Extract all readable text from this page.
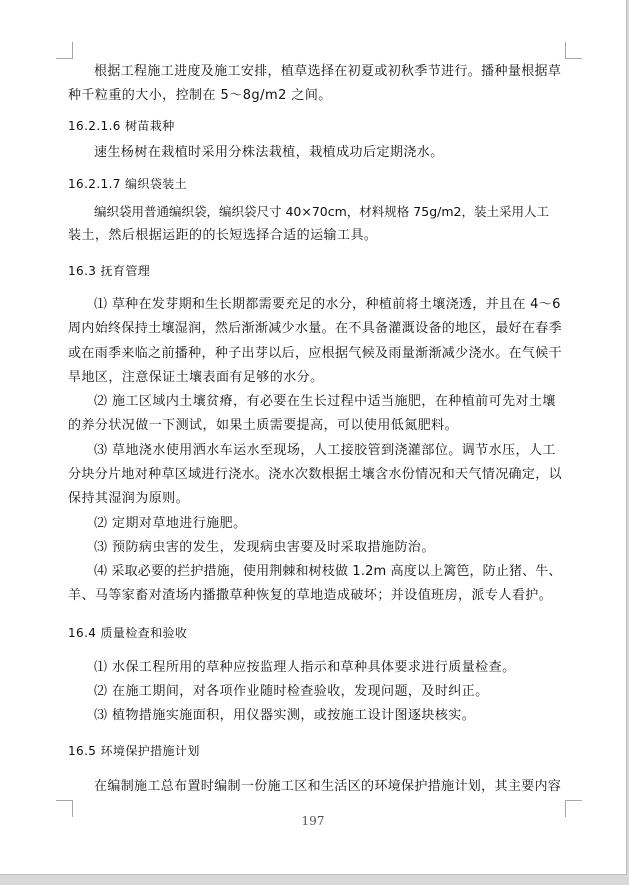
根据工程施工进度及施工安排，植草选择在初夏或初秋季节进行。播种量根据草

种千粒重的大小，控制在 5～8g/m2 之间。

16.2.1.6 树苗栽种

速生杨树在栽植时采用分株法栽植，栽植成功后定期浇水。

16.2.1.7 编织袋装土

编织袋用普通编织袋，编织袋尺寸 40×70cm，材料规格 75g/m2，装土采用人工

装土，然后根据运距的的长短选择合适的运输工具。

16.3 抚育管理

⑴ 草种在发芽期和生长期都需要充足的水分，种植前将土壤浇透，并且在 4～6

周内始终保持土壤湿润，然后渐渐减少水量。在不具备灌溉设备的地区，最好在春季

或在雨季来临之前播种，种子出芽以后，应根据气候及雨量渐渐减少浇水。在气候干

旱地区，注意保证土壤表面有足够的水分。

⑵ 施工区域内土壤贫瘠，有必要在生长过程中适当施肥，在种植前可先对土壤

的养分状况做一下测试，如果土质需要提高，可以使用低氮肥料。

⑶ 草地浇水使用洒水车运水至现场，人工接胶管到浇灌部位。调节水压，人工

分块分片地对种草区域进行浇水。浇水次数根据土壤含水份情况和天气情况确定，以

保持其湿润为原则。

⑵ 定期对草地进行施肥。

⑶ 预防病虫害的发生，发现病虫害要及时采取措施防治。

⑷ 采取必要的拦护措施，使用荆棘和树枝做 1.2m 高度以上篱笆，防止猪、牛、

羊、马等家畜对渣场内播撒草种恢复的草地造成破坏；并设值班房，派专人看护。

16.4 质量检查和验收

⑴ 水保工程所用的草种应按监理人指示和草种具体要求进行质量检查。

⑵ 在施工期间，对各项作业随时检查验收，发现问题，及时纠正。

⑶ 植物措施实施面积，用仪器实测，或按施工设计图逐块核实。

16.5 环境保护措施计划

在编制施工总布置时编制一份施工区和生活区的环境保护措施计划，其主要内容

197
